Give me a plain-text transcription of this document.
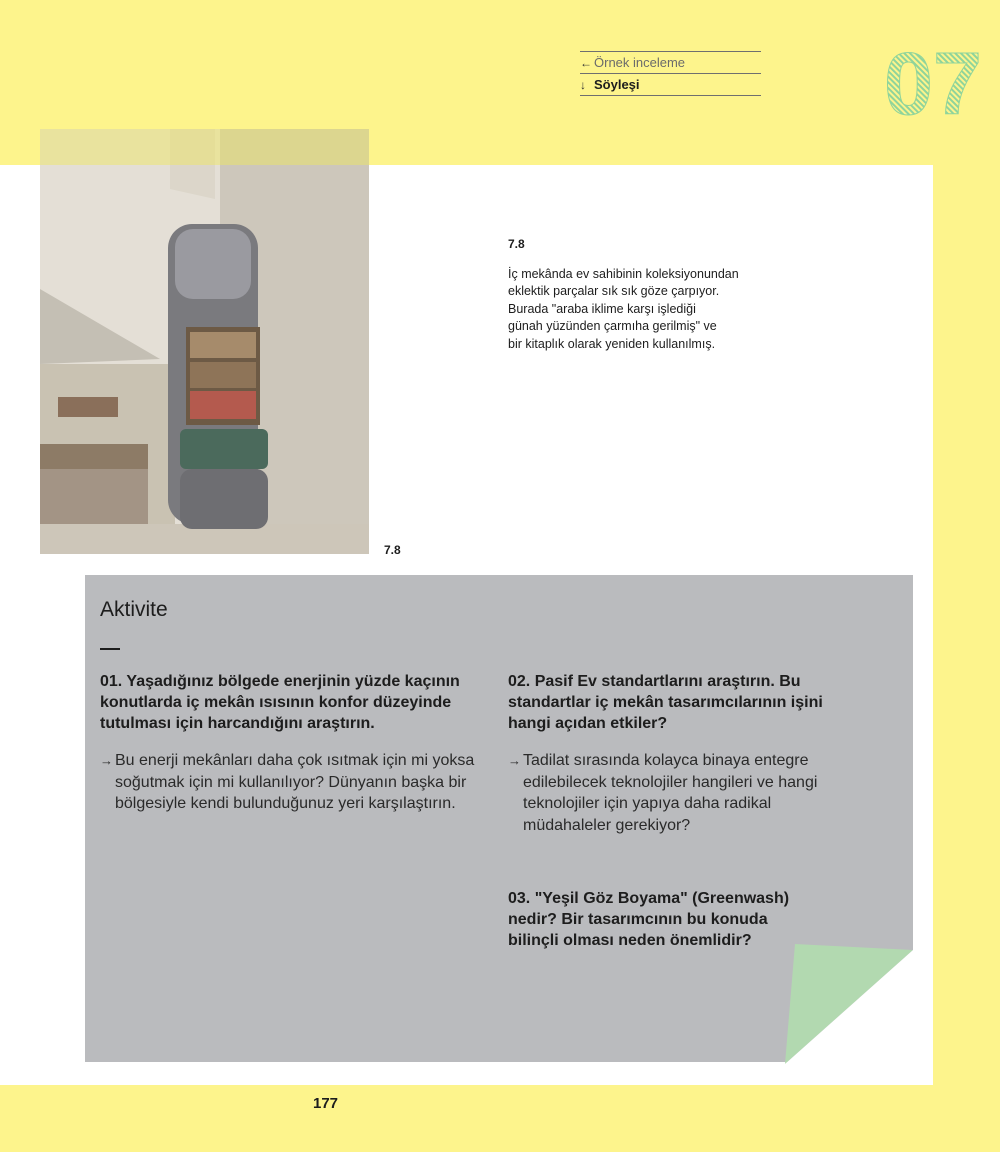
← Örnek inceleme
↓ Söyleşi	07
7.8
7.8

İç mekânda ev sahibinin koleksiyonundan
eklektik parçalar sık sık göze çarpıyor.
Burada "araba iklime karşı işlediği
günah yüzünden çarmıha gerilmiş" ve
bir kitaplık olarak yeniden kullanılmış.

Aktivite
01. Yaşadığınız bölgede enerjinin yüzde kaçının konutlarda iç mekân ısısının konfor düzeyinde tutulması için harcandığını araştırın.
→ Bu enerji mekânları daha çok ısıtmak için mi yoksa soğutmak için mi kullanılıyor? Dünyanın başka bir bölgesiyle kendi bulunduğunuz yeri karşılaştırın.
02. Pasif Ev standartlarını araştırın. Bu standartlar iç mekân tasarımcılarının işini hangi açıdan etkiler?
→ Tadilat sırasında kolayca binaya entegre edilebilecek teknolojiler hangileri ve hangi teknolojiler için yapıya daha radikal müdahaleler gerekiyor?
03. "Yeşil Göz Boyama" (Greenwash) nedir? Bir tasarımcının bu konuda bilinçli olması neden önemlidir?
177
